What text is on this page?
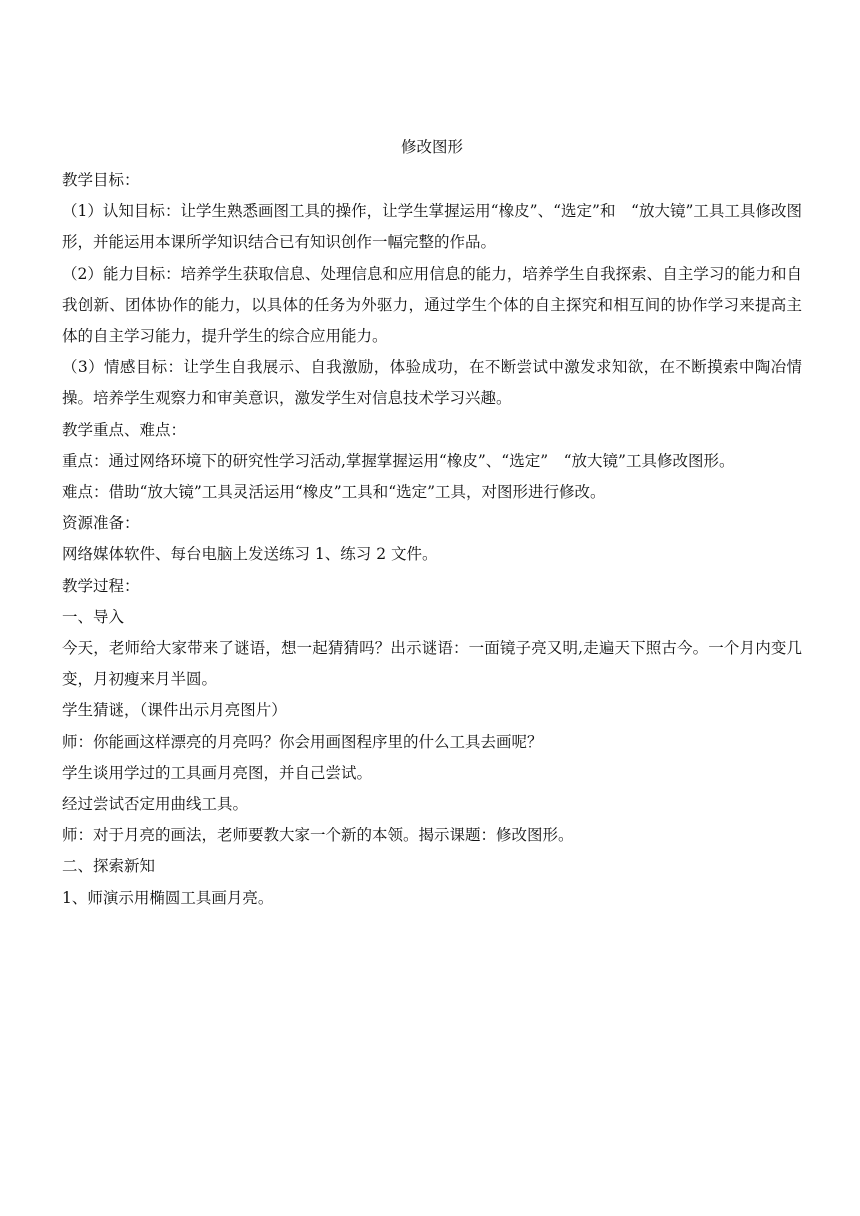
修改图形

教学目标：

（1）认知目标：让学生熟悉画图工具的操作，让学生掌握运用“橡皮”、“选定”和　“放大镜”工具工具修改图形，并能运用本课所学知识结合已有知识创作一幅完整的作品。

（2）能力目标：培养学生获取信息、处理信息和应用信息的能力，培养学生自我探索、自主学习的能力和自我创新、团体协作的能力，以具体的任务为外驱力，通过学生个体的自主探究和相互间的协作学习来提高主体的自主学习能力，提升学生的综合应用能力。

（3）情感目标：让学生自我展示、自我激励，体验成功，在不断尝试中激发求知欲，在不断摸索中陶冶情操。培养学生观察力和审美意识，激发学生对信息技术学习兴趣。

教学重点、难点：

重点：通过网络环境下的研究性学习活动,掌握掌握运用“橡皮”、“选定”　“放大镜”工具修改图形。

难点：借助“放大镜”工具灵活运用“橡皮”工具和“选定”工具，对图形进行修改。

资源准备：

网络媒体软件、每台电脑上发送练习 1、练习 2 文件。

教学过程：

一、导入

今天，老师给大家带来了谜语，想一起猜猜吗？出示谜语：一面镜子亮又明,走遍天下照古今。一个月内变几变，月初瘦来月半圆。

学生猜谜，（课件出示月亮图片）

师：你能画这样漂亮的月亮吗？你会用画图程序里的什么工具去画呢？

学生谈用学过的工具画月亮图，并自己尝试。

经过尝试否定用曲线工具。

师：对于月亮的画法，老师要教大家一个新的本领。揭示课题：修改图形。

二、探索新知

1、师演示用椭圆工具画月亮。
